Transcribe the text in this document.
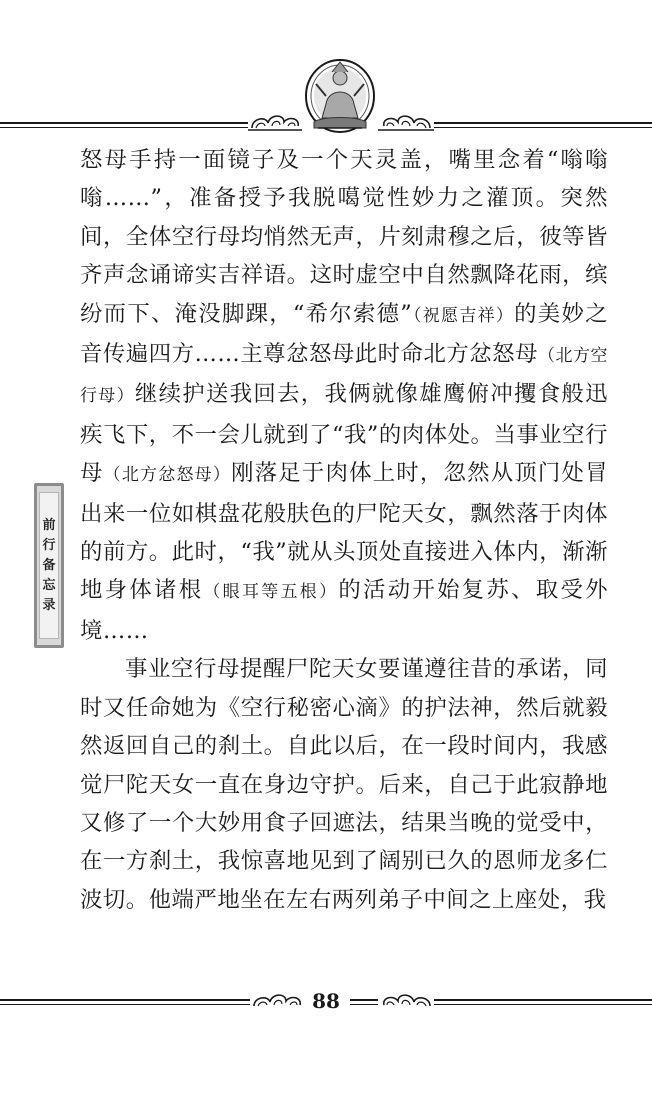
前
行
备
忘
录

怒母手持一面镜子及一个天灵盖，嘴里念着“嗡嗡嗡……”，准备授予我脱噶觉性妙力之灌顶。突然间，全体空行母均悄然无声，片刻肃穆之后，彼等皆齐声念诵谛实吉祥语。这时虚空中自然飘降花雨，缤纷而下、淹没脚踝，“希尔索德”（祝愿吉祥）的美妙之音传遍四方……主尊忿怒母此时命北方忿怒母（北方空行母）继续护送我回去，我俩就像雄鹰俯冲攫食般迅疾飞下，不一会儿就到了“我”的肉体处。当事业空行母（北方忿怒母）刚落足于肉体上时，忽然从顶门处冒出来一位如棋盘花般肤色的尸陀天女，飘然落于肉体的前方。此时，“我”就从头顶处直接进入体内，渐渐地身体诸根（眼耳等五根）的活动开始复苏、取受外境……

事业空行母提醒尸陀天女要谨遵往昔的承诺，同时又任命她为《空行秘密心滴》的护法神，然后就毅然返回自己的刹土。自此以后，在一段时间内，我感觉尸陀天女一直在身边守护。后来，自己于此寂静地又修了一个大妙用食子回遮法，结果当晚的觉受中，在一方刹土，我惊喜地见到了阔别已久的恩师龙多仁波切。他端严地坐在左右两列弟子中间之上座处，我

88
